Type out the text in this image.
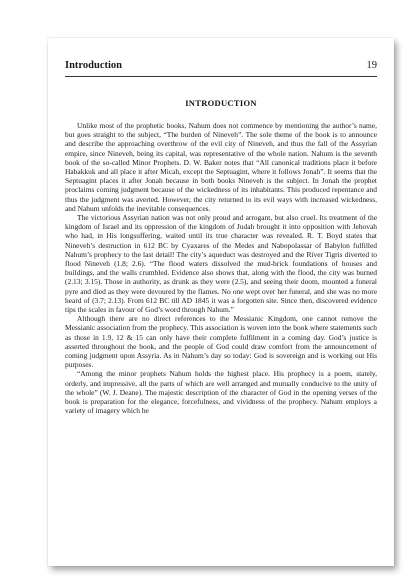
Introduction	19
INTRODUCTION

Unlike most of the prophetic books, Nahum does not commence by mentioning the author’s name, but goes straight to the subject, “The burden of Nineveh”. The sole theme of the book is to announce and describe the approaching overthrow of the evil city of Nineveh, and thus the fall of the Assyrian empire, since Nineveh, being its capital, was representative of the whole nation. Nahum is the seventh book of the so-called Minor Prophets. D. W. Baker notes that “All canonical traditions place it before Habakkuk and all place it after Micah, except the Septuagint, where it follows Jonah”. It seems that the Septuagint places it after Jonah because in both books Nineveh is the subject. In Jonah the prophet proclaims coming judgment because of the wickedness of its inhabitants. This produced repentance and thus the judgment was averted. However, the city returned to its evil ways with increased wickedness, and Nahum unfolds the inevitable consequences.

The victorious Assyrian nation was not only proud and arrogant, but also cruel. Its treatment of the kingdom of Israel and its oppression of the kingdom of Judah brought it into opposition with Jehovah who had, in His longsuffering, waited until its true character was revealed. R. T. Boyd states that Nineveh’s destruction in 612 BC by Cyaxares of the Medes and Nabopolassar of Babylon fulfilled Nahum’s prophecy to the last detail! The city’s aqueduct was destroyed and the River Tigris diverted to flood Nineveh (1.8; 2.6). “The flood waters dissolved the mud-brick foundations of houses and buildings, and the walls crumbled. Evidence also shows that, along with the flood, the city was burned (2.13; 3.15). Those in authority, as drunk as they were (2.5), and seeing their doom, mounted a funeral pyre and died as they were devoured by the flames. No one wept over her funeral, and she was no more heard of (3.7; 2.13). From 612 BC till AD 1845 it was a forgotten site. Since then, discovered evidence tips the scales in favour of God’s word through Nahum.”

Although there are no direct references to the Messianic Kingdom, one cannot remove the Messianic association from the prophecy. This association is woven into the book where statements such as those in 1.9, 12 & 15 can only have their complete fulfilment in a coming day. God’s justice is asserted throughout the book, and the people of God could draw comfort from the announcement of coming judgment upon Assyria. As in Nahum’s day so today: God is sovereign and is working out His purposes.

“Among the minor prophets Nahum holds the highest place. His prophecy is a poem, stately, orderly, and impressive, all the parts of which are well arranged and mutually conducive to the unity of the whole” (W. J. Deane). The majestic description of the character of God in the opening verses of the book is preparation for the elegance, forcefulness, and vividness of the prophecy. Nahum employs a variety of imagery which he
